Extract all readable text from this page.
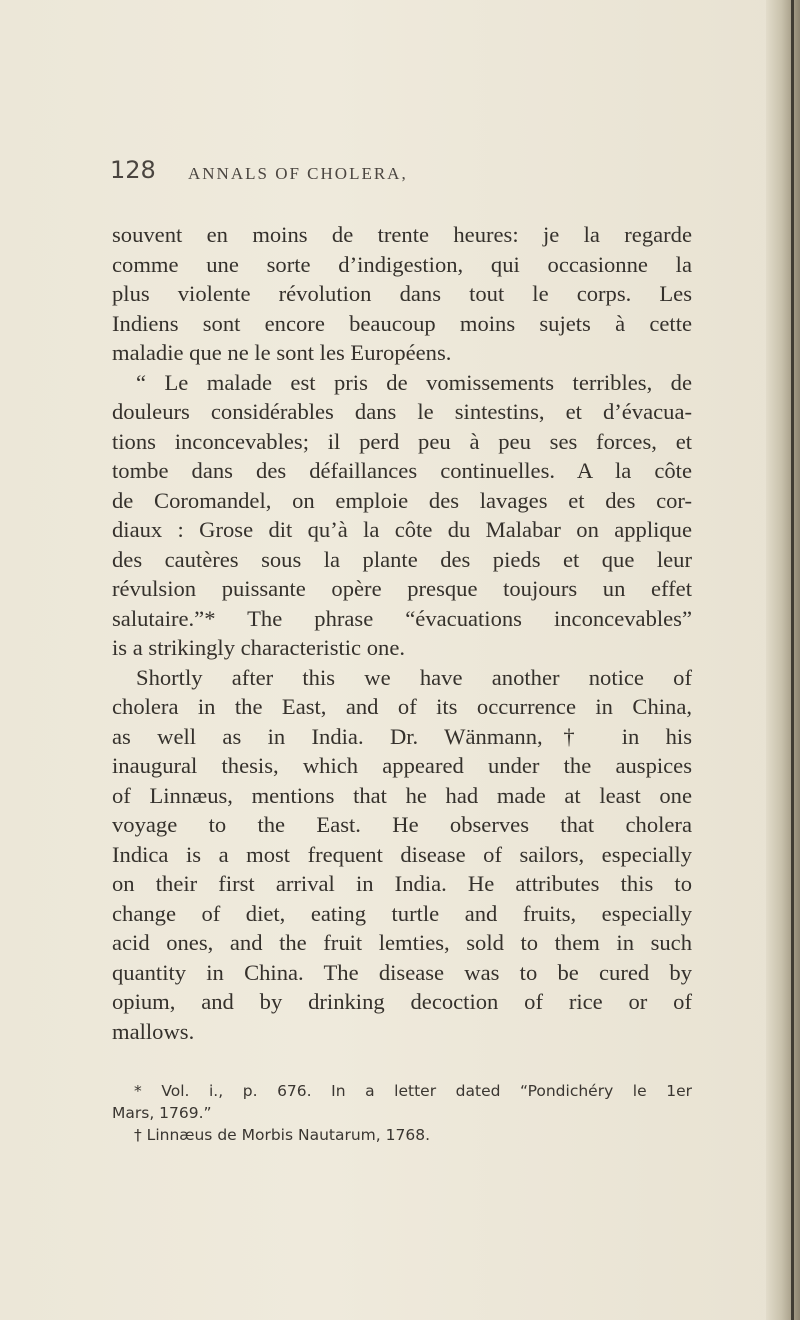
128 ANNALS OF CHOLERA,
souvent en moins de trente heures: je la regarde
comme une sorte d’indigestion, qui occasionne la
plus violente révolution dans tout le corps. Les
Indiens sont encore beaucoup moins sujets à cette
maladie que ne le sont les Européens.
“ Le malade est pris de vomissements terribles, de
douleurs considérables dans le sintestins, et d’évacua-
tions inconcevables; il perd peu à peu ses forces, et
tombe dans des défaillances continuelles. A la côte
de Coromandel, on emploie des lavages et des cor-
diaux : Grose dit qu’à la côte du Malabar on applique
des cautères sous la plante des pieds et que leur
révulsion puissante opère presque toujours un effet
salutaire.”* The phrase “évacuations inconcevables”
is a strikingly characteristic one.
Shortly after this we have another notice of
cholera in the East, and of its occurrence in China,
as well as in India. Dr. Wänmann,† in his
inaugural thesis, which appeared under the auspices
of Linnæus, mentions that he had made at least one
voyage to the East. He observes that cholera
Indica is a most frequent disease of sailors, especially
on their first arrival in India. He attributes this to
change of diet, eating turtle and fruits, especially
acid ones, and the fruit lemties, sold to them in such
quantity in China. The disease was to be cured by
opium, and by drinking decoction of rice or of
mallows.
* Vol. i., p. 676. In a letter dated “Pondichéry le 1er
Mars, 1769.”
† Linnæus de Morbis Nautarum, 1768.
